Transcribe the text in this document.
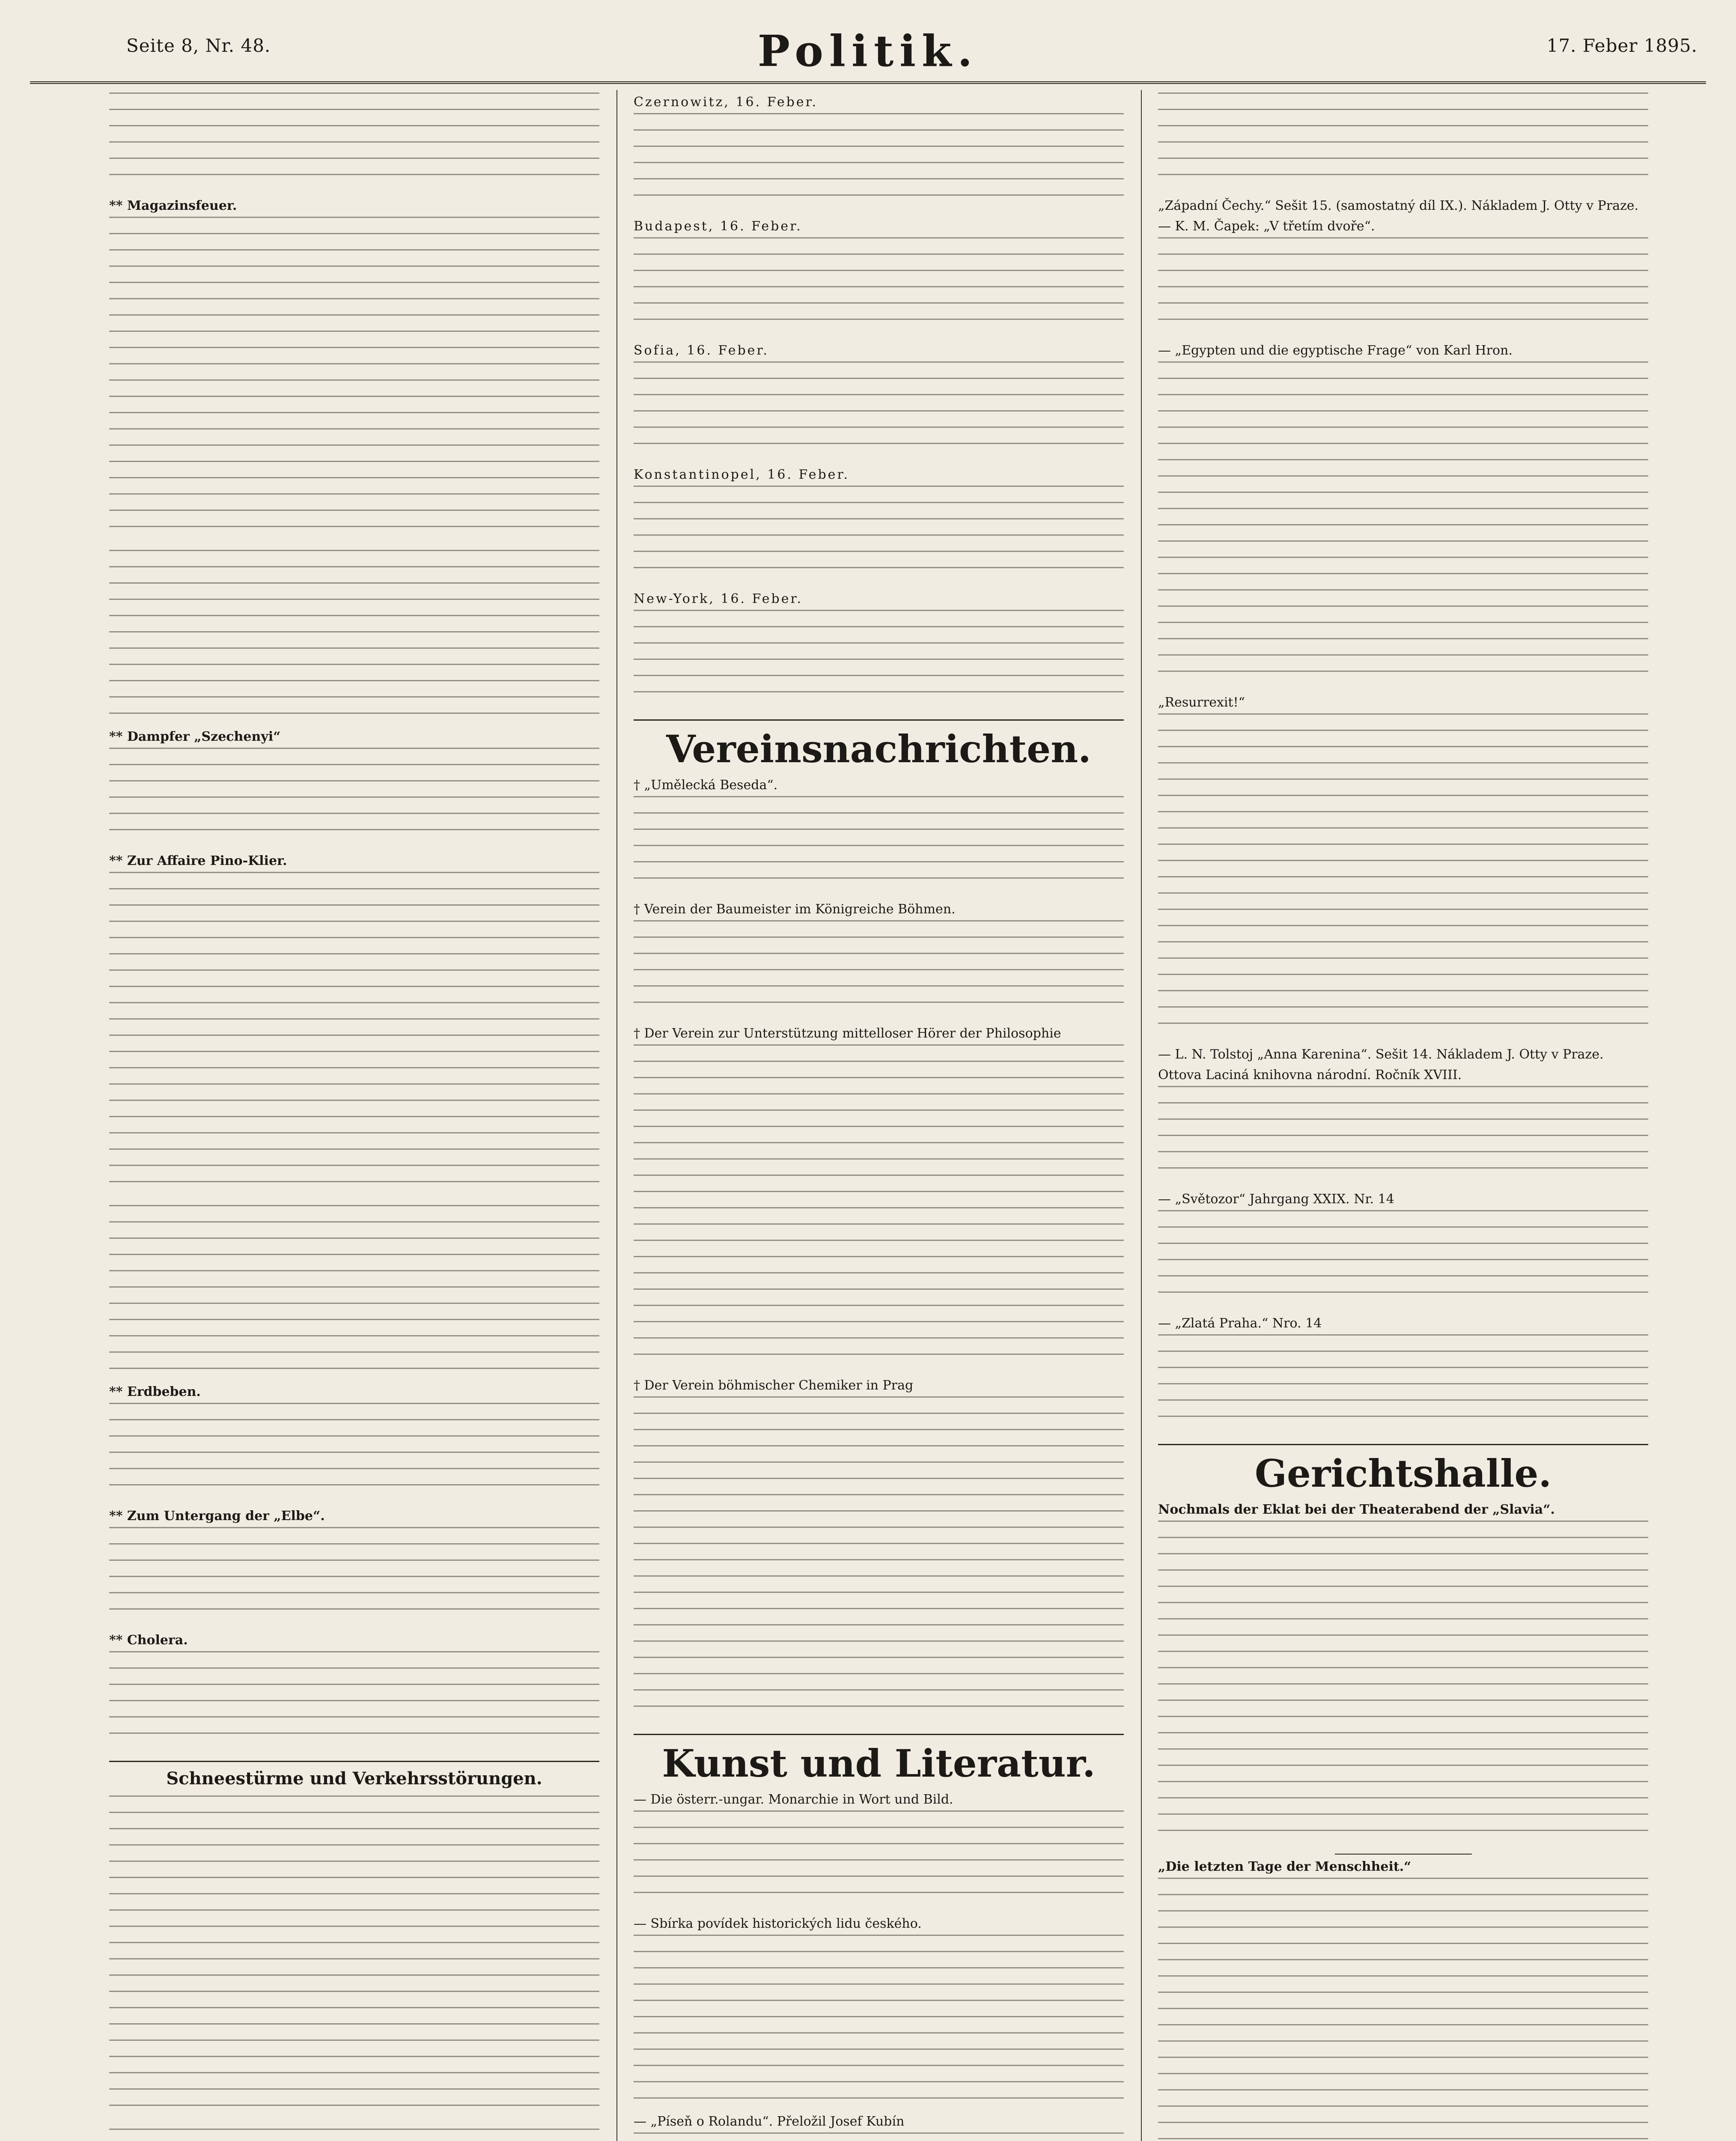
Seite 8, Nr. 48.	Politik.	17. Feber 1895.
** Magazinsfeuer.
** Dampfer „Szechenyi“
** Zur Affaire Pino-Klier.
** Erdbeben.
** Zum Untergang der „Elbe“.
** Cholera.
Schneestürme und Verkehrsstörungen.
Czernowitz, 16. Feber.
Budapest, 16. Feber.
Sofia, 16. Feber.
Konstantinopel, 16. Feber.
New-York, 16. Feber.
Vereinsnachrichten.
† „Umělecká Beseda“.
† Verein der Baumeister im Königreiche Böhmen.
† Der Verein zur Unterstützung mittelloser Hörer der Philosophie
† Der Verein böhmischer Chemiker in Prag
Kunst und Literatur.
— Die österr.-ungar. Monarchie in Wort und Bild.
— Sbírka povídek historických lidu českého.
— „Píseň o Rolandu“. Přeložil Josef Kubín
„Západní Čechy.“ Sešit 15. (samostatný díl IX.). Nákladem J. Otty v Praze.
— K. M. Čapek: „V třetím dvoře“.
— „Egypten und die egyptische Frage“ von Karl Hron.
„Resurrexit!“
— L. N. Tolstoj „Anna Karenina“. Sešit 14. Nákladem J. Otty v Praze.
Ottova Laciná knihovna národní. Ročník XVIII.
— „Světozor“ Jahrgang XXIX. Nr. 14
— „Zlatá Praha.“ Nro. 14
Gerichtshalle.
Nochmals der Eklat bei der Theaterabend der „Slavia“.
„Die letzten Tage der Menschheit.“
